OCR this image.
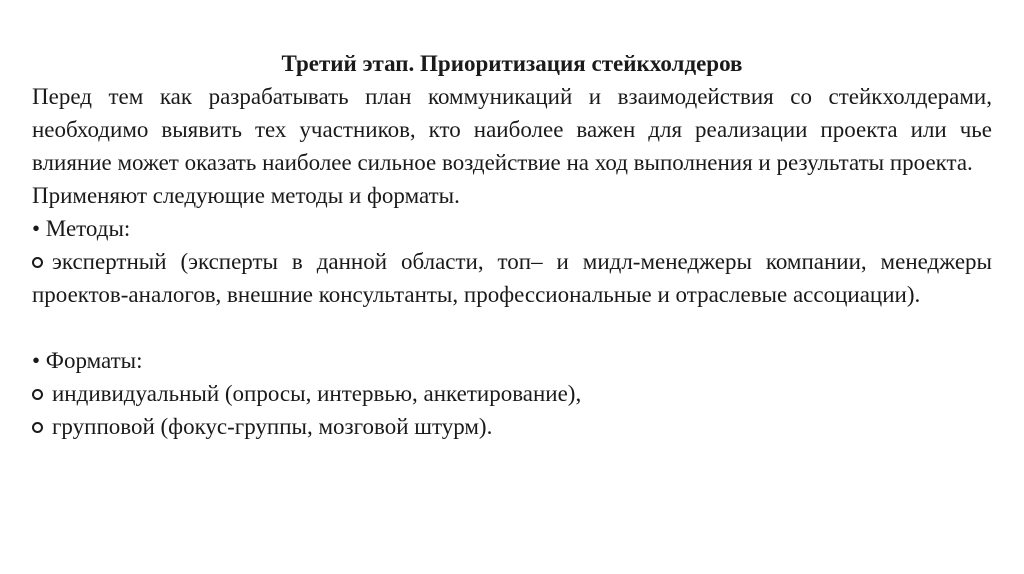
Третий этап. Приоритизация стейкхолдеров

Перед тем как разрабатывать план коммуникаций и взаимодействия со стейкхолдерами, необходимо выявить тех участников, кто наиболее важен для реализации проекта или чье влияние может оказать наиболее сильное воздействие на ход выполнения и результаты проекта.

Применяют следующие методы и форматы.

• Методы:

экспертный (эксперты в данной области, топ– и мидл-менеджеры компании, менеджеры проектов-аналогов, внешние консультанты, профессиональные и отраслевые ассоциации).

• Форматы:

индивидуальный (опросы, интервью, анкетирование),

групповой (фокус-группы, мозговой штурм).
